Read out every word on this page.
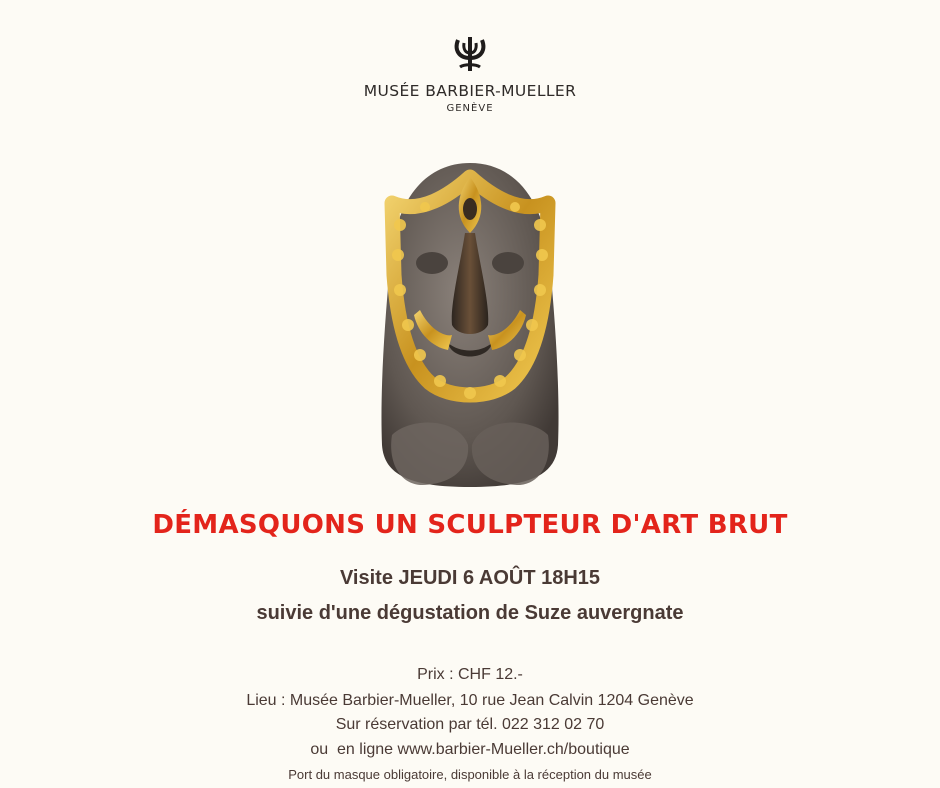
MUSÉE BARBIER-MUELLER
GENÈVE
DÉMASQUONS UN SCULPTEUR D'ART BRUT
Visite JEUDI 6 AOÛT 18H15
suivie d'une dégustation de Suze auvergnate
Prix : CHF 12.-
Lieu : Musée Barbier-Mueller, 10 rue Jean Calvin 1204 Genève
Sur réservation par tél. 022 312 02 70
ou  en ligne www.barbier-Mueller.ch/boutique
Port du masque obligatoire, disponible à la réception du musée
